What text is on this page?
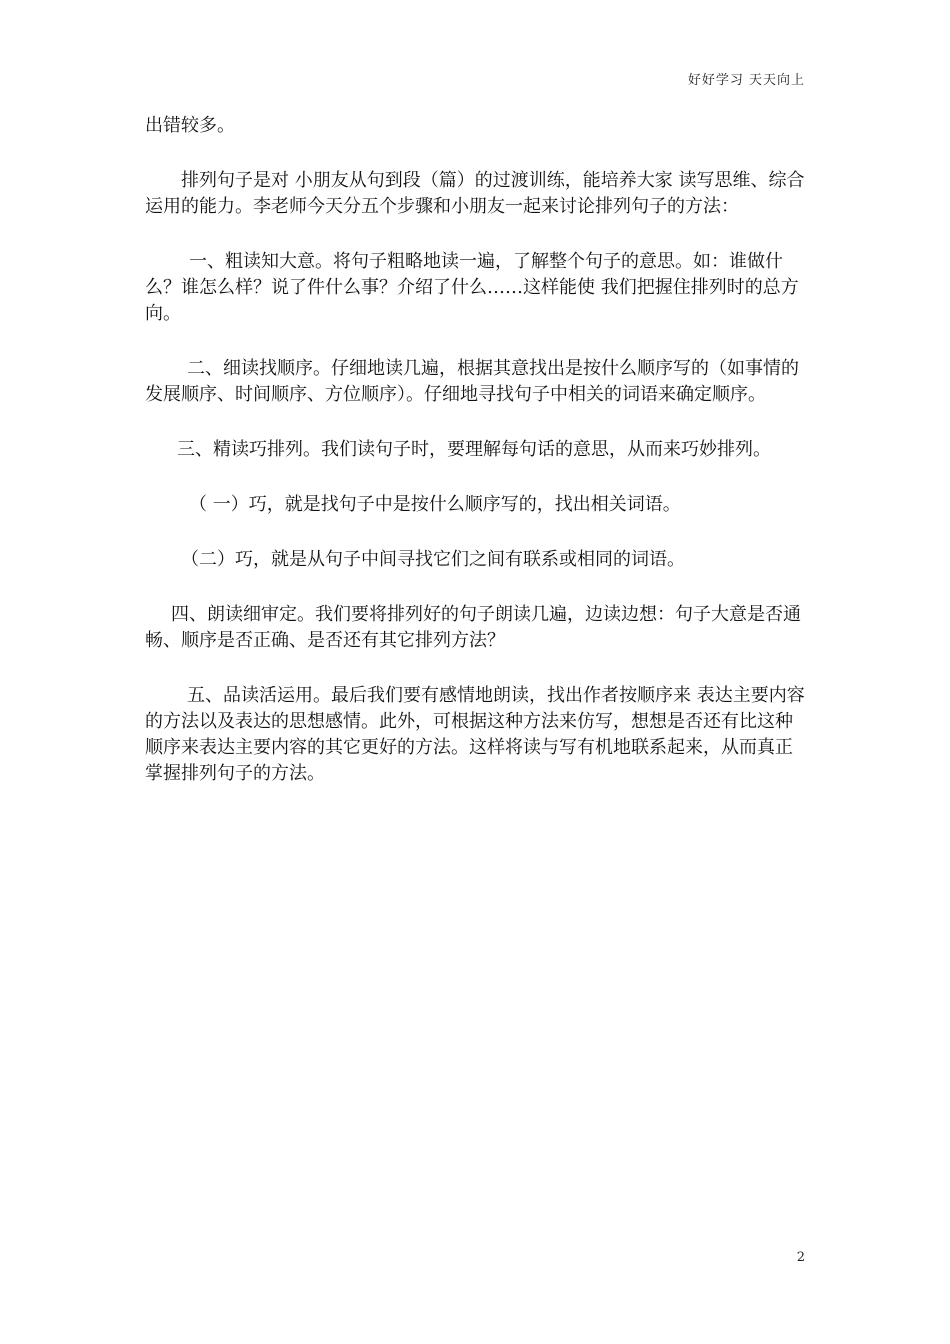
好好学习 天天向上

出错较多。

排列句子是对 小朋友从句到段（篇）的过渡训练，能培养大家 读写思维、综合运用的能力。李老师今天分五个步骤和小朋友一起来讨论排列句子的方法：

一、粗读知大意。将句子粗略地读一遍，了解整个句子的意思。如：谁做什么？谁怎么样？说了件什么事？介绍了什么……这样能使 我们把握住排列时的总方向。

二、细读找顺序。仔细地读几遍，根据其意找出是按什么顺序写的（如事情的发展顺序、时间顺序、方位顺序）。仔细地寻找句子中相关的词语来确定顺序。

三、精读巧排列。我们读句子时，要理解每句话的意思，从而来巧妙排列。

（ 一）巧，就是找句子中是按什么顺序写的，找出相关词语。

（二）巧，就是从句子中间寻找它们之间有联系或相同的词语。

四、朗读细审定。我们要将排列好的句子朗读几遍，边读边想：句子大意是否通畅、顺序是否正确、是否还有其它排列方法？

五、品读活运用。最后我们要有感情地朗读，找出作者按顺序来 表达主要内容的方法以及表达的思想感情。此外，可根据这种方法来仿写，想想是否还有比这种顺序来表达主要内容的其它更好的方法。这样将读与写有机地联系起来，从而真正掌握排列句子的方法。

2
